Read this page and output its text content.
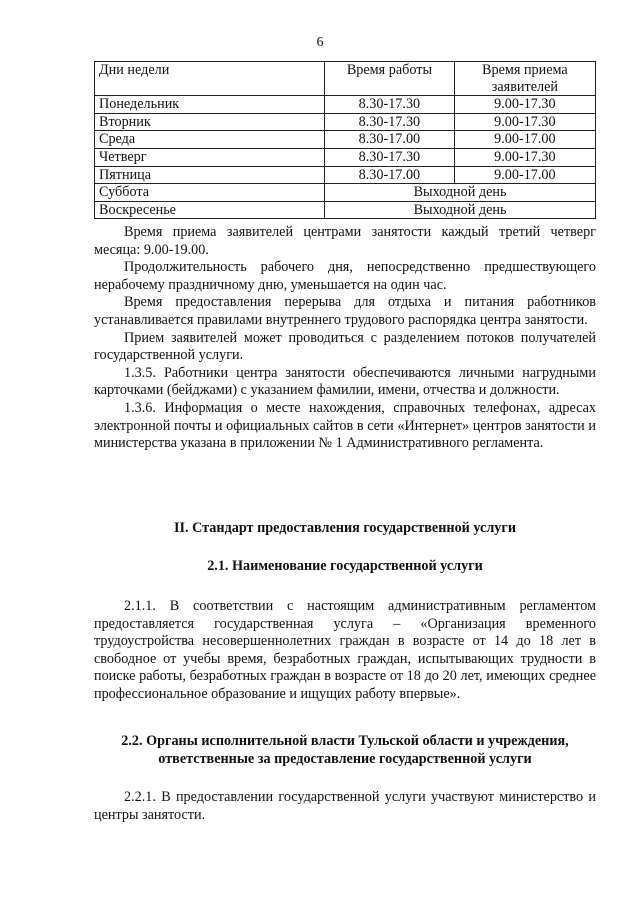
6
Дни недели	Время работы	Время приема заявителей
Понедельник	8.30-17.30	9.00-17.30
Вторник	8.30-17.30	9.00-17.30
Среда	8.30-17.00	9.00-17.00
Четверг	8.30-17.30	9.00-17.30
Пятница	8.30-17.00	9.00-17.00
Суббота	Выходной день	
Воскресенье	Выходной день	

Время приема заявителей центрами занятости каждый третий четверг месяца: 9.00-19.00.

Продолжительность рабочего дня, непосредственно предшествующего нерабочему праздничному дню, уменьшается на один час.

Время предоставления перерыва для отдыха и питания работников устанавливается правилами внутреннего трудового распорядка центра занятости.

Прием заявителей может проводиться с разделением потоков получателей государственной услуги.

1.3.5. Работники центра занятости обеспечиваются личными нагрудными карточками (бейджами) с указанием фамилии, имени, отчества и должности.

1.3.6. Информация о месте нахождения, справочных телефонах, адресах электронной почты и официальных сайтов в сети «Интернет» центров занятости и министерства указана в приложении № 1 Административного регламента.

II. Стандарт предоставления государственной услуги
2.1. Наименование государственной услуги

2.1.1. В соответствии с настоящим административным регламентом предоставляется государственная услуга – «Организация временного трудоустройства несовершеннолетних граждан в возрасте от 14 до 18 лет в свободное от учебы время, безработных граждан, испытывающих трудности в поиске работы, безработных граждан в возрасте от 18 до 20 лет, имеющих среднее профессиональное образование и ищущих работу впервые».

2.2. Органы исполнительной власти Тульской области и учреждения,
ответственные за предоставление государственной услуги

2.2.1. В предоставлении государственной услуги участвуют министерство и центры занятости.
